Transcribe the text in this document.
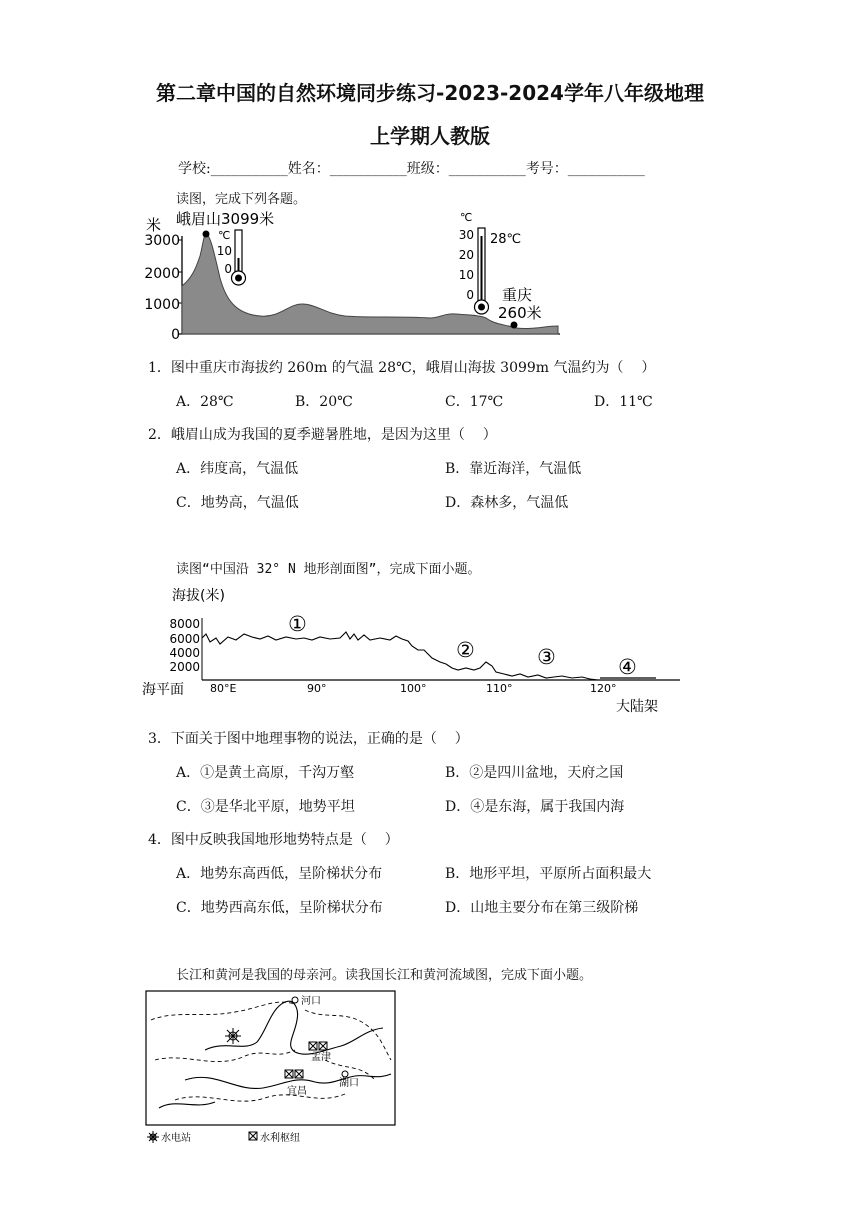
第二章中国的自然环境同步练习-2023-2024学年八年级地理
上学期人教版
学校:___________姓名：___________班级：___________考号：___________
读图，完成下列各题。
米
3000
2000
1000
0
峨眉山3099米
℃
10
0
℃
30
20
10
0
28℃
重庆
260米
1．图中重庆市海拔约 260m 的气温 28℃，峨眉山海拔 3099m 气温约为（    ）
A．28℃	B．20℃	C．17℃	D．11℃
2．峨眉山成为我国的夏季避暑胜地，是因为这里（    ）
A．纬度高，气温低	B．靠近海洋，气温低
C．地势高，气温低	D．森林多，气温低
读图“中国沿 32° N 地形剖面图”，完成下面小题。
海拔(米)
8000
6000
4000
2000
海平面 80°E	90°	100°	110°	120°
①
②	③	④
大陆架
3．下面关于图中地理事物的说法，正确的是（    ）
A．①是黄土高原，千沟万壑	B．②是四川盆地，天府之国
C．③是华北平原，地势平坦	D．④是东海，属于我国内海
4．图中反映我国地形地势特点是（    ）
A．地势东高西低，呈阶梯状分布	B．地形平坦，平原所占面积最大
C．地势西高东低，呈阶梯状分布	D．山地主要分布在第三级阶梯
长江和黄河是我国的母亲河。读我国长江和黄河流域图，完成下面小题。
河口
孟津
湖口
宜昌
水电站	水利枢纽
